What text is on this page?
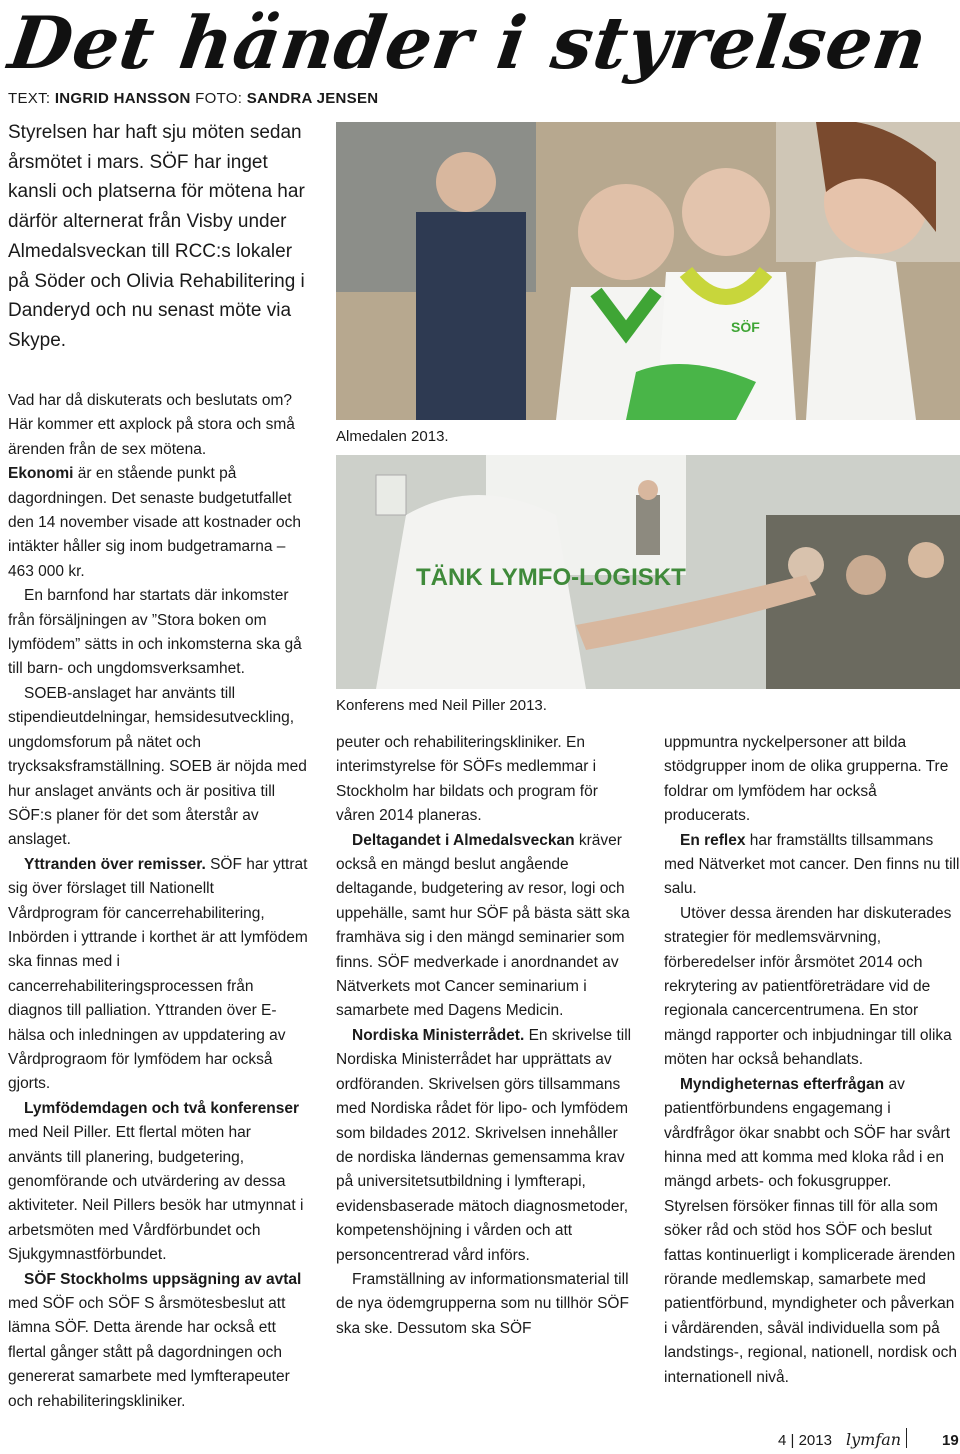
Det händer i styrelsen
TEXT: INGRID HANSSON FOTO: SANDRA JENSEN
Styrelsen har haft sju möten sedan årsmötet i mars. SÖF har inget kansli och platserna för mötena har därför alternerat från Visby under Almedalsveckan till RCC:s lokaler på Söder och Olivia Rehabilitering i Danderyd och nu senast möte via Skype.

Vad har då diskuterats och beslutats om? Här kommer ett axplock på stora och små ärenden från de sex mötena.

Ekonomi är en stående punkt på dagordningen. Det senaste budgetutfallet den 14 november visade att kostnader och intäkter håller sig inom budgetramarna – 463 000 kr.

En barnfond har startats där inkomster från försäljningen av ”Stora boken om lymfödem” sätts in och inkomsterna ska gå till barn- och ungdomsverksamhet.

SOEB-anslaget har använts till stipendieutdelningar, hemsidesutveckling, ungdomsforum på nätet och trycksaksframställning. SOEB är nöjda med hur anslaget använts och är positiva till SÖF:s planer för det som återstår av anslaget.

Yttranden över remisser. SÖF har yttrat sig över förslaget till Nationellt Vårdprogram för cancerrehabilitering, Inbörden i yttrande i korthet är att lymfödem ska finnas med i cancerrehabiliteringsprocessen från diagnos till palliation. Yttranden över E-hälsa och inledningen av uppdatering av Vårdprograom för lymfödem har också gjorts.

Lymfödemdagen och två konferenser med Neil Piller. Ett flertal möten har använts till planering, budgetering, genomförande och utvärdering av dessa aktiviteter. Neil Pillers besök har utmynnat i arbetsmöten med Vårdförbundet och Sjukgymnastförbundet.

SÖF Stockholms uppsägning av avtal med SÖF och SÖF S årsmötesbeslut att lämna SÖF. Detta ärende har också ett flertal gånger stått på dagordningen och genererat samarbete med lymfterapeuter och rehabiliteringskliniker.

SÖF
Almedalen 2013.
TÄNK LYMFO-LOGISKT
Konferens med Neil Piller 2013.

peuter och rehabiliteringskliniker. En interimstyrelse för SÖFs medlemmar i Stockholm har bildats och program för våren 2014 planeras.

Deltagandet i Almedalsveckan kräver också en mängd beslut angående deltagande, budgetering av resor, logi och uppehälle, samt hur SÖF på bästa sätt ska framhäva sig i den mängd seminarier som finns. SÖF medverkade i anordnandet av Nätverkets mot Cancer seminarium i samarbete med Dagens Medicin.

Nordiska Ministerrådet. En skrivelse till Nordiska Ministerrådet har upprättats av ordföranden. Skrivelsen görs tillsammans med Nordiska rådet för lipo- och lymfödem som bildades 2012. Skrivelsen innehåller de nordiska ländernas gemensamma krav på universitetsutbildning i lymfterapi, evidensbaserade mätoch diagnosmetoder, kompetenshöjning i vården och att personcentrerad vård införs.

Framställning av informationsmaterial till de nya ödemgrupperna som nu tillhör SÖF ska ske. Dessutom ska SÖF

uppmuntra nyckelpersoner att bilda stödgrupper inom de olika grupperna. Tre foldrar om lymfödem har också producerats.

En reflex har framställts tillsammans med Nätverket mot cancer. Den finns nu till salu.

Utöver dessa ärenden har diskuterades strategier för medlemsvärvning, förberedelser inför årsmötet 2014 och rekrytering av patientföreträdare vid de regionala cancercentrumena. En stor mängd rapporter och inbjudningar till olika möten har också behandlats.

Myndigheternas efterfrågan av patientförbundens engagemang i vårdfrågor ökar snabbt och SÖF har svårt hinna med att komma med kloka råd i en mängd arbets- och fokusgrupper. Styrelsen försöker finnas till för alla som söker råd och stöd hos SÖF och beslut fattas kontinuerligt i komplicerade ärenden rörande medlemskap, samarbete med patientförbund, myndigheter och påverkan i vårdärenden, såväl individuella som på landstings-, regional, nationell, nordisk och internationell nivå.

4 | 2013 lymfan	19
